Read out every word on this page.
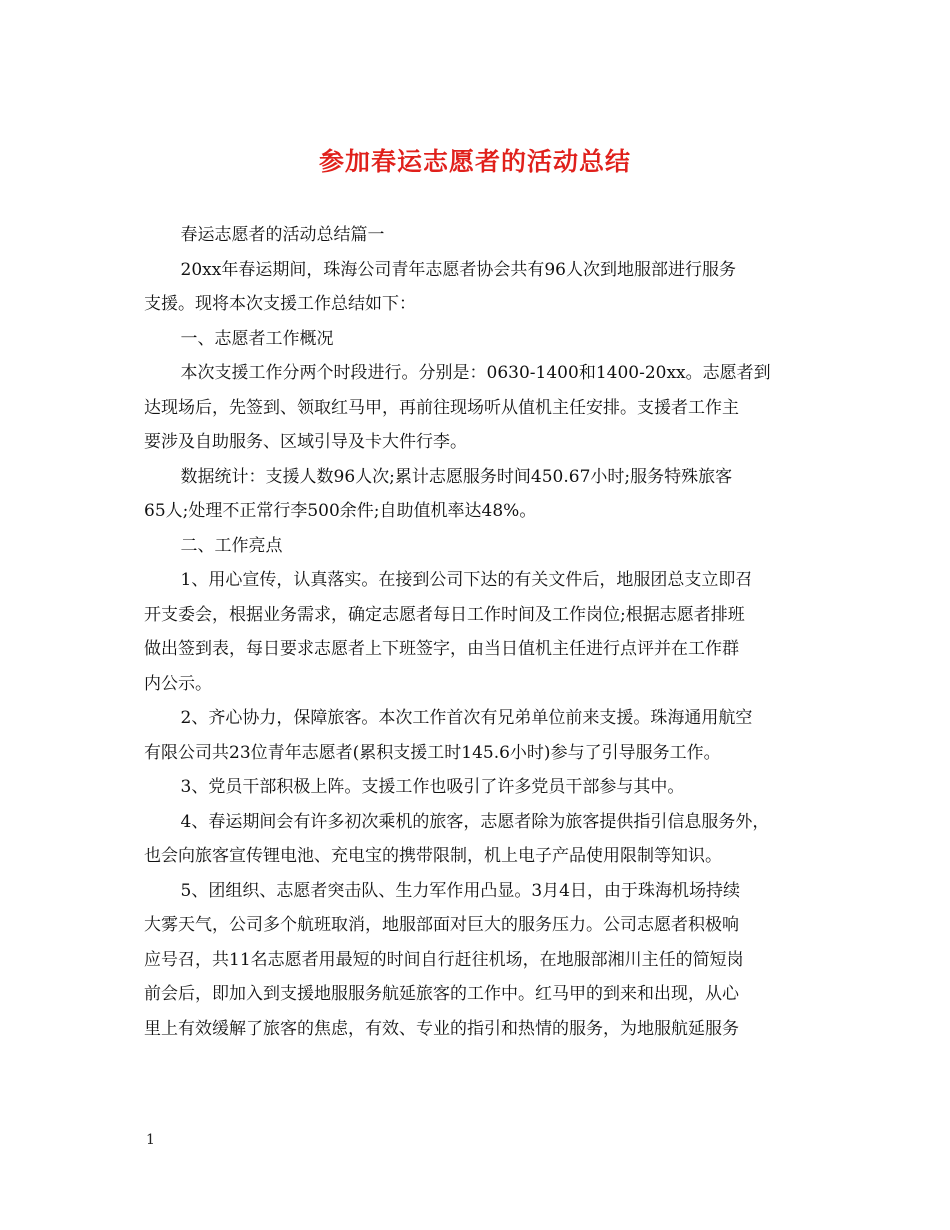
参加春运志愿者的活动总结

春运志愿者的活动总结篇一

20xx年春运期间，珠海公司青年志愿者协会共有96人次到地服部进行服务

支援。现将本次支援工作总结如下：

一、志愿者工作概况

本次支援工作分两个时段进行。分别是：0630-1400和1400-20xx。志愿者到

达现场后，先签到、领取红马甲，再前往现场听从值机主任安排。支援者工作主

要涉及自助服务、区域引导及卡大件行李。

数据统计：支援人数96人次;累计志愿服务时间450.67小时;服务特殊旅客

65人;处理不正常行李500余件;自助值机率达48%。

二、工作亮点

1、用心宣传，认真落实。在接到公司下达的有关文件后，地服团总支立即召

开支委会，根据业务需求，确定志愿者每日工作时间及工作岗位;根据志愿者排班

做出签到表，每日要求志愿者上下班签字，由当日值机主任进行点评并在工作群

内公示。

2、齐心协力，保障旅客。本次工作首次有兄弟单位前来支援。珠海通用航空

有限公司共23位青年志愿者(累积支援工时145.6小时)参与了引导服务工作。

3、党员干部积极上阵。支援工作也吸引了许多党员干部参与其中。

4、春运期间会有许多初次乘机的旅客，志愿者除为旅客提供指引信息服务外，

也会向旅客宣传锂电池、充电宝的携带限制，机上电子产品使用限制等知识。

5、团组织、志愿者突击队、生力军作用凸显。3月4日，由于珠海机场持续

大雾天气，公司多个航班取消，地服部面对巨大的服务压力。公司志愿者积极响

应号召，共11名志愿者用最短的时间自行赶往机场，在地服部湘川主任的简短岗

前会后，即加入到支援地服服务航延旅客的工作中。红马甲的到来和出现，从心

里上有效缓解了旅客的焦虑，有效、专业的指引和热情的服务，为地服航延服务

1
